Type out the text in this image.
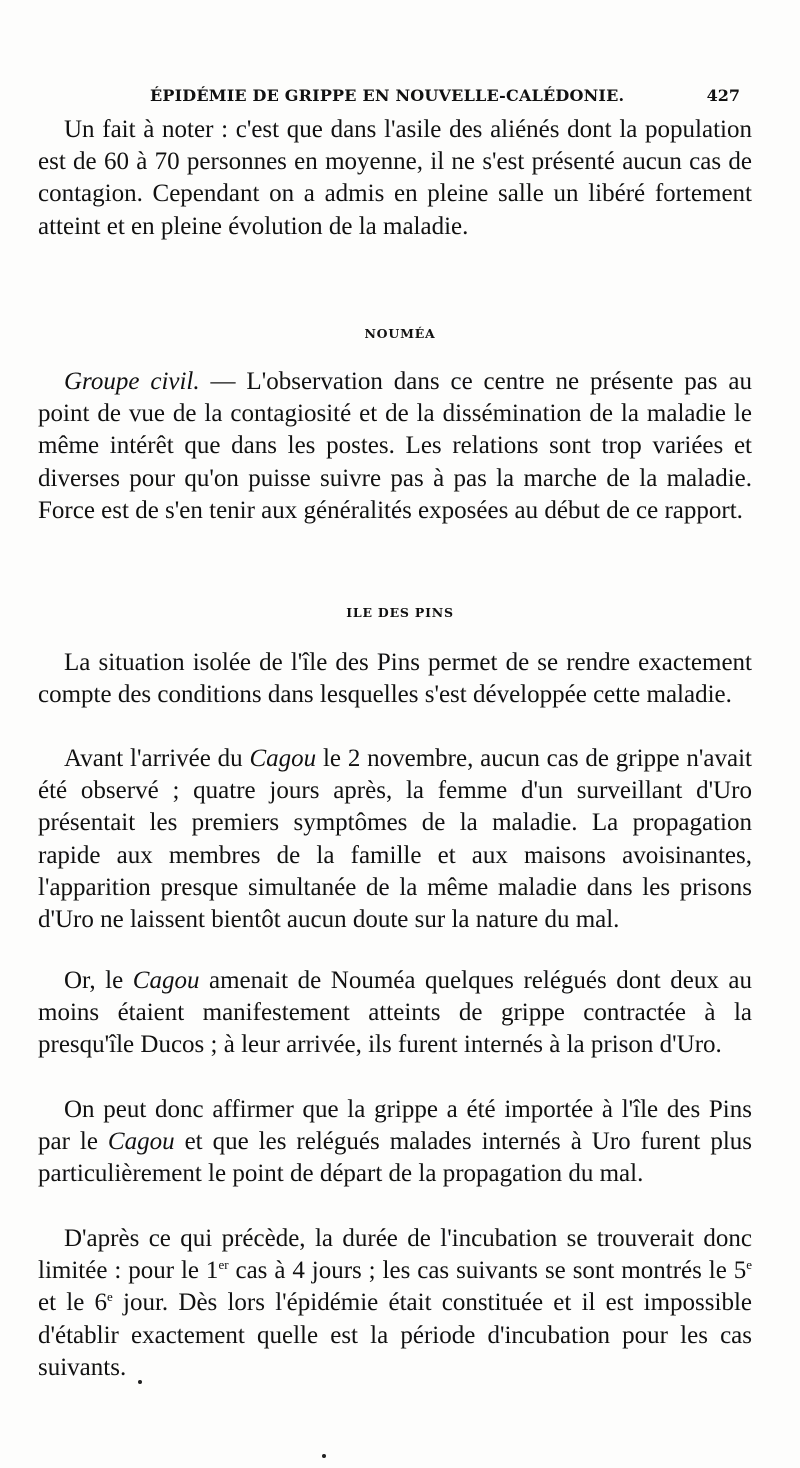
ÉPIDÉMIE DE GRIPPE EN NOUVELLE-CALÉDONIE.	427

Un fait à noter : c'est que dans l'asile des aliénés dont la population est de 60 à 70 personnes en moyenne, il ne s'est présenté aucun cas de contagion. Cependant on a admis en pleine salle un libéré fortement atteint et en pleine évolution de la maladie.

NOUMÉA

Groupe civil. — L'observation dans ce centre ne présente pas au point de vue de la contagiosité et de la dissémination de la maladie le même intérêt que dans les postes. Les relations sont trop variées et diverses pour qu'on puisse suivre pas à pas la marche de la maladie. Force est de s'en tenir aux généralités exposées au début de ce rapport.

ILE DES PINS

La situation isolée de l'île des Pins permet de se rendre exactement compte des conditions dans lesquelles s'est développée cette maladie.

Avant l'arrivée du Cagou le 2 novembre, aucun cas de grippe n'avait été observé ; quatre jours après, la femme d'un surveillant d'Uro présentait les premiers symptômes de la maladie. La propagation rapide aux membres de la famille et aux maisons avoisinantes, l'apparition presque simultanée de la même maladie dans les prisons d'Uro ne laissent bientôt aucun doute sur la nature du mal.

Or, le Cagou amenait de Nouméa quelques relégués dont deux au moins étaient manifestement atteints de grippe contractée à la presqu'île Ducos ; à leur arrivée, ils furent internés à la prison d'Uro.

On peut donc affirmer que la grippe a été importée à l'île des Pins par le Cagou et que les relégués malades internés à Uro furent plus particulièrement le point de départ de la propagation du mal.

D'après ce qui précède, la durée de l'incubation se trouverait donc limitée : pour le 1er cas à 4 jours ; les cas suivants se sont montrés le 5e et le 6e jour. Dès lors l'épidémie était constituée et il est impossible d'établir exactement quelle est la période d'incubation pour les cas suivants.
